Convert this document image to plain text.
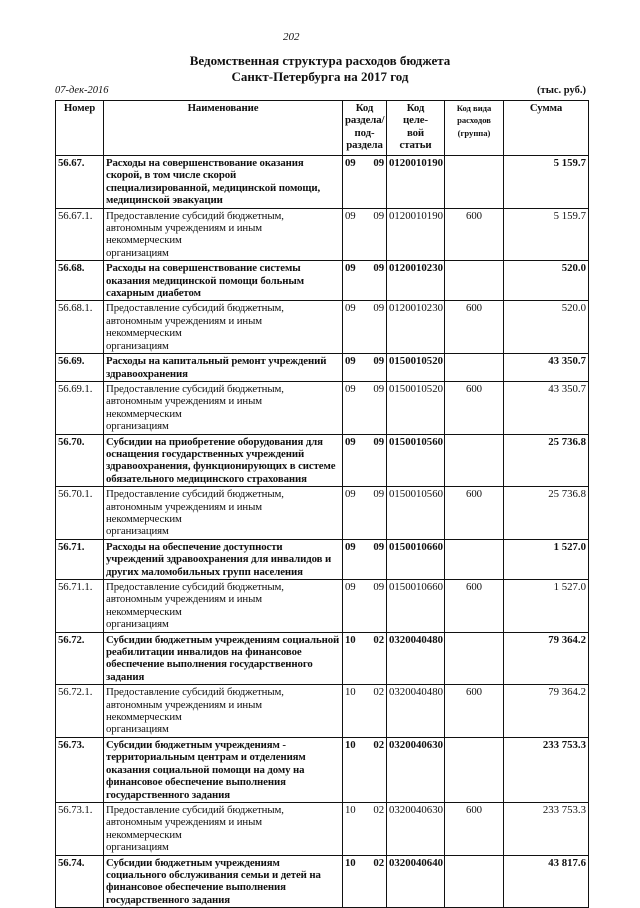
202
Ведомственная структура расходов бюджета
Санкт-Петербурга на 2017 год
07-дек-2016	(тыс. руб.)
Номер	Наименование	Код
раздела/
под-
раздела	Код
целе-
вой
статьи	Код вида
расходов
(группа)	Сумма
56.67.	Расходы на совершенствование оказания
скорой, в том числе скорой
специализированной, медицинской помощи,
медицинской эвакуации	09 09	0120010190		5 159.7
56.67.1.	Предоставление субсидий бюджетным,
автономным учреждениям и иным некоммерческим
организациям	09 09	0120010190	600	5 159.7
56.68.	Расходы на совершенствование системы
оказания медицинской помощи больным
сахарным диабетом	09 09	0120010230		520.0
56.68.1.	Предоставление субсидий бюджетным,
автономным учреждениям и иным некоммерческим
организациям	09 09	0120010230	600	520.0
56.69.	Расходы на капитальный ремонт учреждений
здравоохранения	09 09	0150010520		43 350.7
56.69.1.	Предоставление субсидий бюджетным,
автономным учреждениям и иным некоммерческим
организациям	09 09	0150010520	600	43 350.7
56.70.	Субсидии на приобретение оборудования для
оснащения государственных учреждений
здравоохранения, функционирующих в системе
обязательного медицинского страхования	09 09	0150010560		25 736.8
56.70.1.	Предоставление субсидий бюджетным,
автономным учреждениям и иным некоммерческим
организациям	09 09	0150010560	600	25 736.8
56.71.	Расходы на обеспечение доступности
учреждений здравоохранения для инвалидов и
других маломобильных групп населения	09 09	0150010660		1 527.0
56.71.1.	Предоставление субсидий бюджетным,
автономным учреждениям и иным некоммерческим
организациям	09 09	0150010660	600	1 527.0
56.72.	Субсидии бюджетным учреждениям социальной
реабилитации инвалидов на финансовое
обеспечение выполнения государственного
задания	10 02	0320040480		79 364.2
56.72.1.	Предоставление субсидий бюджетным,
автономным учреждениям и иным некоммерческим
организациям	10 02	0320040480	600	79 364.2
56.73.	Субсидии бюджетным учреждениям -
территориальным центрам и отделениям
оказания социальной помощи на дому на
финансовое обеспечение выполнения
государственного задания	10 02	0320040630		233 753.3
56.73.1.	Предоставление субсидий бюджетным,
автономным учреждениям и иным некоммерческим
организациям	10 02	0320040630	600	233 753.3
56.74.	Субсидии бюджетным учреждениям
социального обслуживания семьи и детей на
финансовое обеспечение выполнения
государственного задания	10 02	0320040640		43 817.6
